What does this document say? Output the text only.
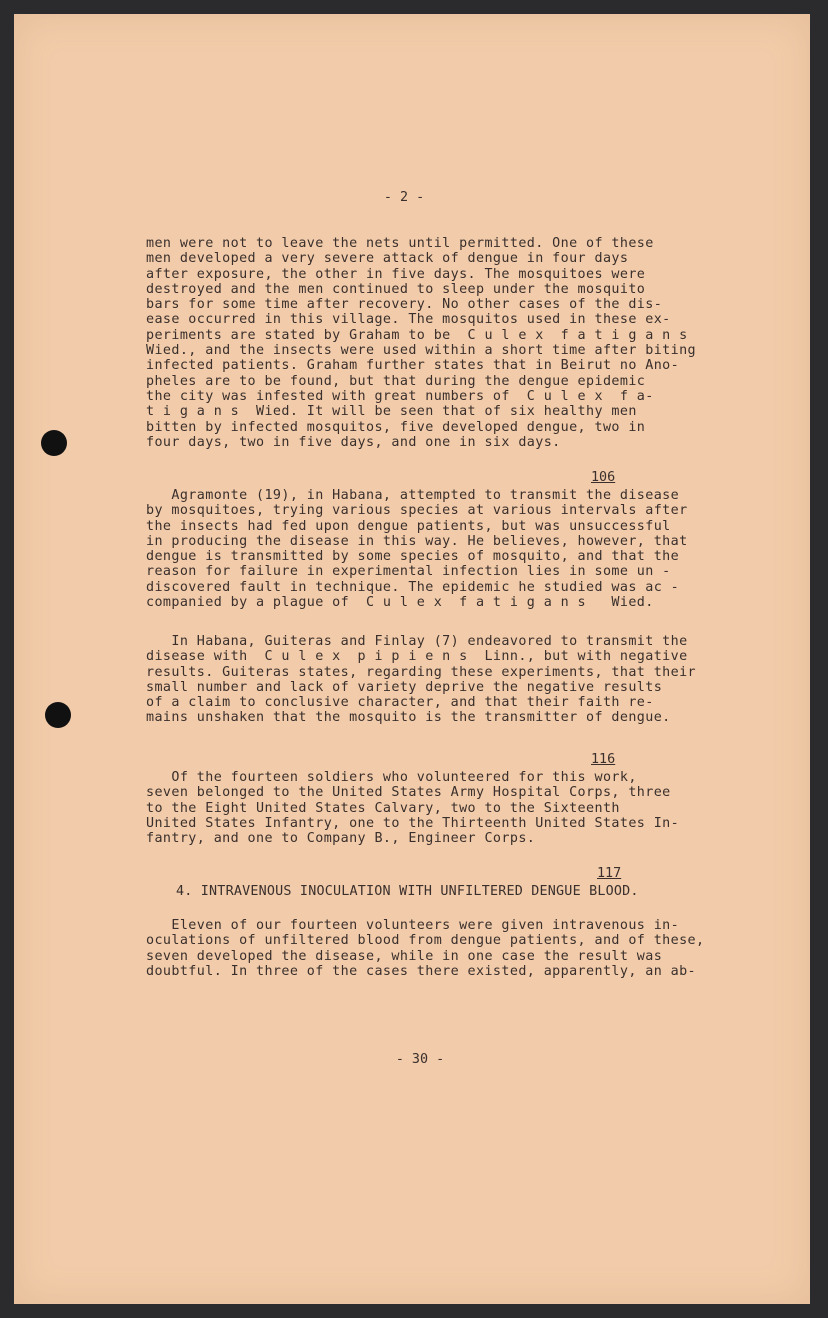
- 2 -
men were not to leave the nets until permitted. One of these
men developed a very severe attack of dengue in four days
after exposure, the other in five days. The mosquitoes were
destroyed and the men continued to sleep under the mosquito
bars for some time after recovery. No other cases of the dis-
ease occurred in this village. The mosquitos used in these ex-
periments are stated by Graham to be  C u l e x  f a t i g a n s
Wied., and the insects were used within a short time after biting
infected patients. Graham further states that in Beirut no Ano-
pheles are to be found, but that during the dengue epidemic
the city was infested with great numbers of  C u l e x  f a-
t i g a n s  Wied. It will be seen that of six healthy men
bitten by infected mosquitos, five developed dengue, two in
four days, two in five days, and one in six days.
106
Agramonte (19), in Habana, attempted to transmit the disease
by mosquitoes, trying various species at various intervals after
the insects had fed upon dengue patients, but was unsuccessful
in producing the disease in this way. He believes, however, that
dengue is transmitted by some species of mosquito, and that the
reason for failure in experimental infection lies in some un -
discovered fault in technique. The epidemic he studied was ac -
companied by a plague of  C u l e x  f a t i g a n s   Wied.
In Habana, Guiteras and Finlay (7) endeavored to transmit the
disease with  C u l e x  p i p i e n s  Linn., but with negative
results. Guiteras states, regarding these experiments, that their
small number and lack of variety deprive the negative results
of a claim to conclusive character, and that their faith re-
mains unshaken that the mosquito is the transmitter of dengue.
116
Of the fourteen soldiers who volunteered for this work,
seven belonged to the United States Army Hospital Corps, three
to the Eight United States Calvary, two to the Sixteenth
United States Infantry, one to the Thirteenth United States In-
fantry, and one to Company B., Engineer Corps.
117
4. INTRAVENOUS INOCULATION WITH UNFILTERED DENGUE BLOOD.
Eleven of our fourteen volunteers were given intravenous in-
oculations of unfiltered blood from dengue patients, and of these,
seven developed the disease, while in one case the result was
doubtful. In three of the cases there existed, apparently, an ab-
- 30 -
